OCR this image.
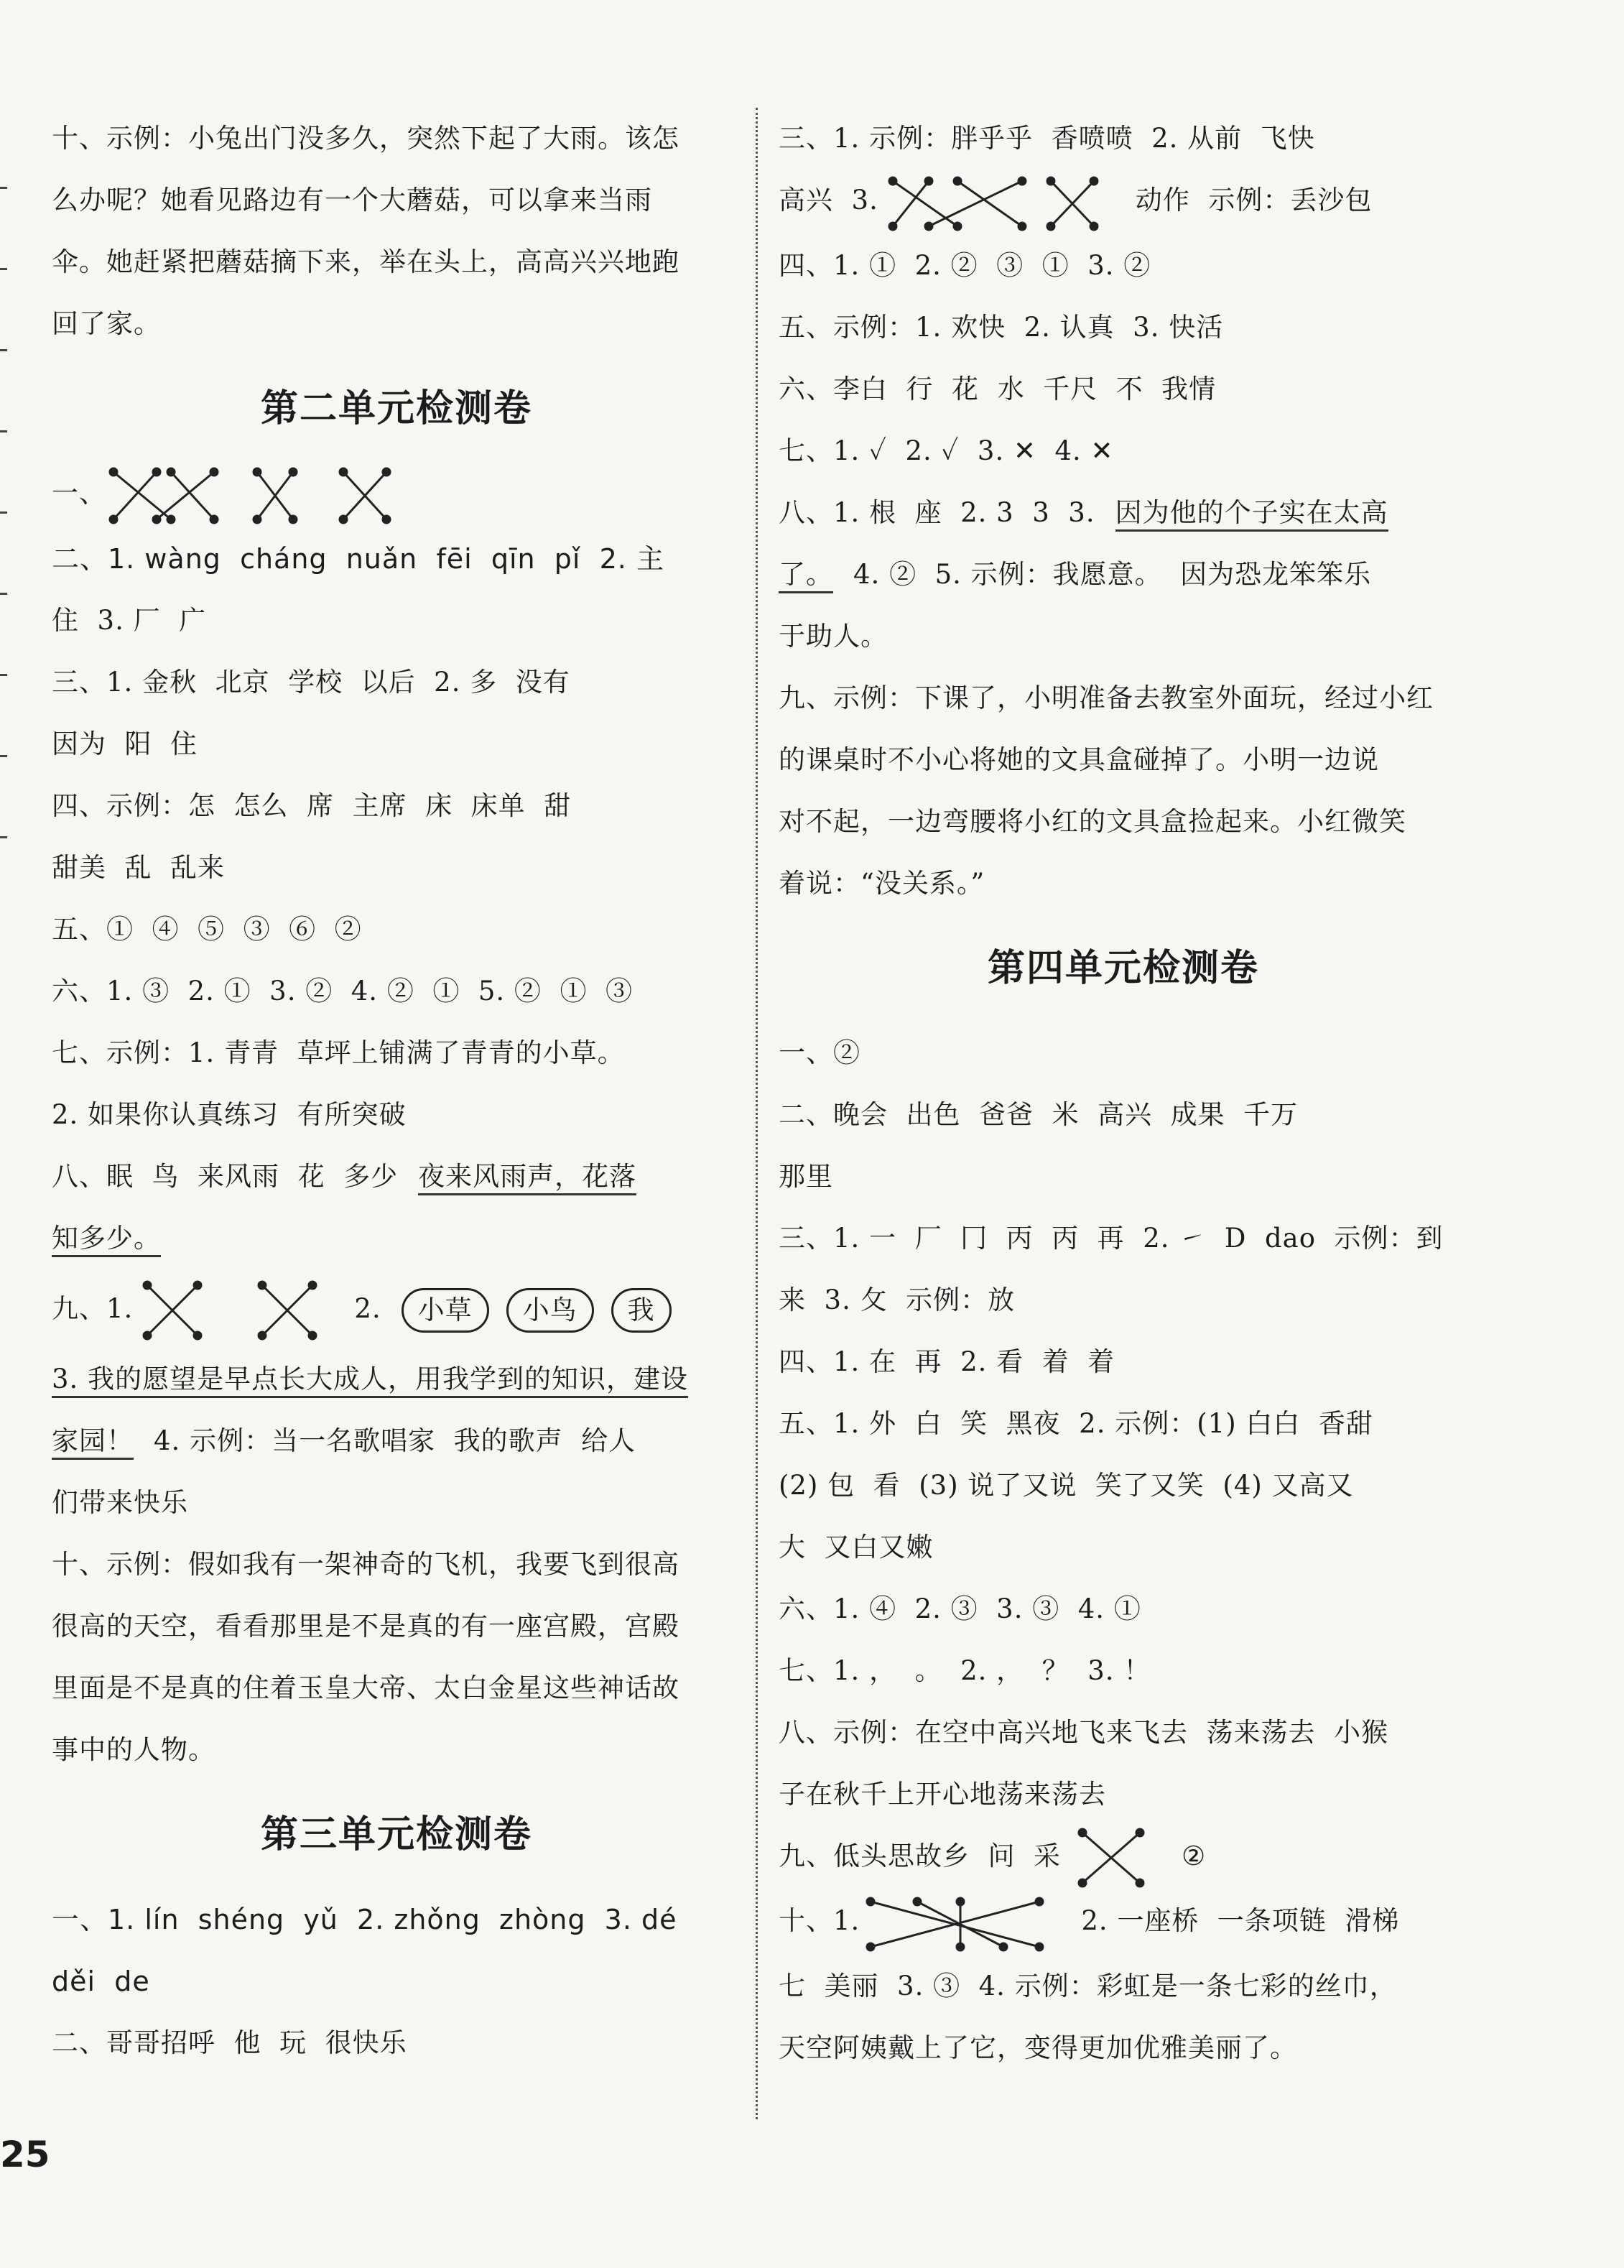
十、示例：小兔出门没多久，突然下起了大雨。该怎
么办呢？她看见路边有一个大蘑菇，可以拿来当雨
伞。她赶紧把蘑菇摘下来，举在头上，高高兴兴地跑
回了家。
第二单元检测卷
一、
二、1. wàng  cháng  nuǎn  fēi  qīn  pǐ  2. 主
住  3. 厂  广
三、1. 金秋  北京  学校  以后  2. 多  没有
因为  阳  住
四、示例：怎  怎么  席  主席  床  床单  甜
甜美  乱  乱来
五、①  ④  ⑤  ③  ⑥  ②
六、1. ③  2. ①  3. ②  4. ②  ①  5. ②  ①  ③
七、示例：1. 青青  草坪上铺满了青青的小草。
2. 如果你认真练习  有所突破
八、眠  鸟  来风雨  花  多少 夜来风雨声，花落
知多少。
九、1.	2. 小草 小鸟 我
3. 我的愿望是早点长大成人，用我学到的知识，建设
家园！ 4. 示例：当一名歌唱家  我的歌声  给人
们带来快乐
十、示例：假如我有一架神奇的飞机，我要飞到很高
很高的天空，看看那里是不是真的有一座宫殿，宫殿
里面是不是真的住着玉皇大帝、太白金星这些神话故
事中的人物。
第三单元检测卷
一、1. lín  shéng  yǔ  2. zhǒng  zhòng  3. dé
děi  de
二、哥哥招呼  他  玩  很快乐
三、1. 示例：胖乎乎  香喷喷  2. 从前  飞快
高兴  3.	动作  示例：丢沙包
四、1. ①  2. ②  ③  ①  3. ②
五、示例：1. 欢快  2. 认真  3. 快活
六、李白  行  花  水  千尺  不  我情
七、1. ✓  2. ✓  3. ✕  4. ✕
八、1. 根  座  2. 3  3  3. 因为他的个子实在太高
了。 4. ②  5. 示例：我愿意。  因为恐龙笨笨乐
于助人。
九、示例：下课了，小明准备去教室外面玩，经过小红
的课桌时不小心将她的文具盒碰掉了。小明一边说
对不起，一边弯腰将小红的文具盒捡起来。小红微笑
着说：“没关系。”
第四单元检测卷
一、②
二、晚会  出色  爸爸  米  高兴  成果  千万
那里
三、1. 一  厂  冂  丙  丙  再  2. ㇀  D  dao  示例：到
来  3. 攵  示例：放
四、1. 在  再  2. 看  着  着
五、1. 外  白  笑  黑夜  2. 示例：(1) 白白  香甜
(2) 包  看  (3) 说了又说  笑了又笑  (4) 又高又
大  又白又嫩
六、1. ④  2. ③  3. ③  4. ①
七、1. ，  。  2. ，  ？  3. ！
八、示例：在空中高兴地飞来飞去  荡来荡去  小猴
子在秋千上开心地荡来荡去
九、低头思故乡  问  采	②
十、1.	2. 一座桥  一条项链  滑梯
七  美丽  3. ③  4. 示例：彩虹是一条七彩的丝巾，
天空阿姨戴上了它，变得更加优雅美丽了。
25
